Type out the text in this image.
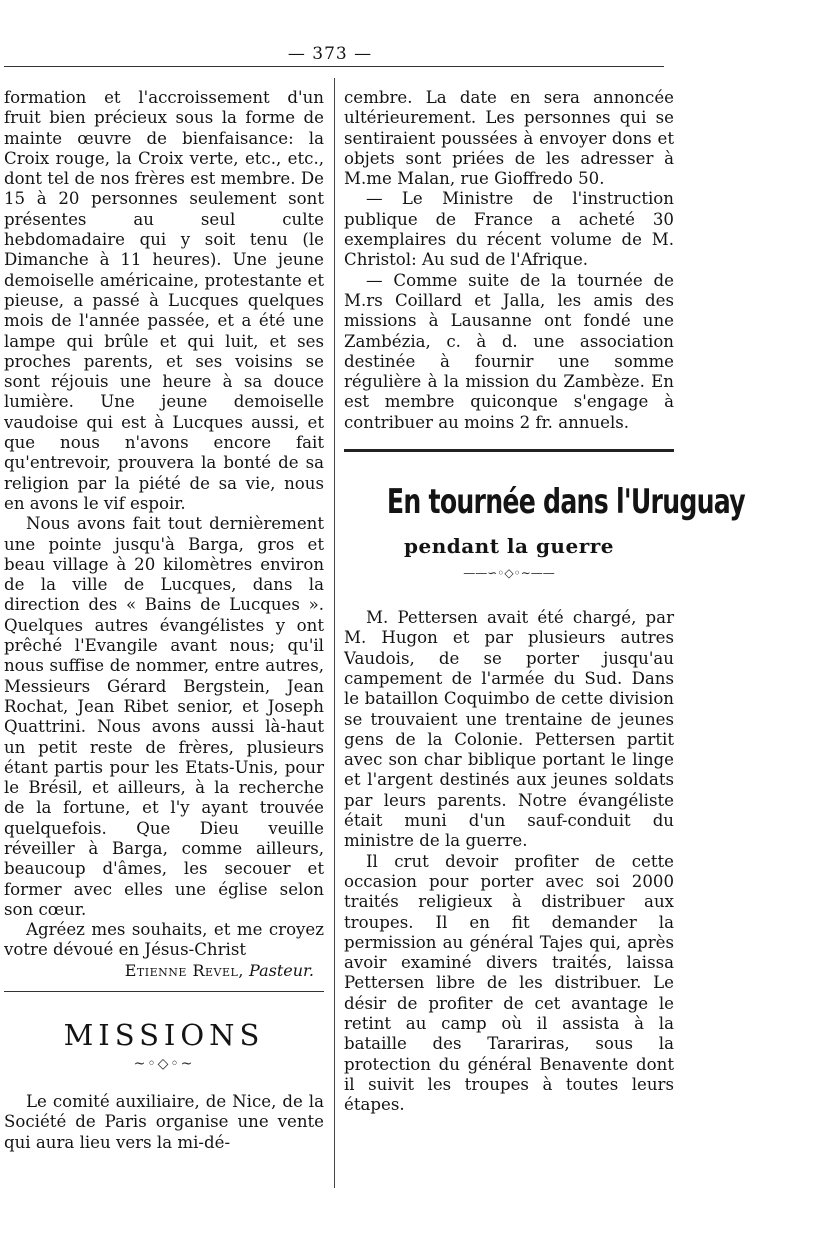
— 373 —

formation et l'accroissement d'un fruit bien précieux sous la forme de mainte œuvre de bienfaisance: la Croix rouge, la Croix verte, etc., etc., dont tel de nos frères est membre. De 15 à 20 personnes seulement sont présentes au seul culte hebdomadaire qui y soit tenu (le Dimanche à 11 heures). Une jeune demoiselle américaine, protestante et pieuse, a passé à Lucques quelques mois de l'année passée, et a été une lampe qui brûle et qui luit, et ses proches parents, et ses voisins se sont réjouis une heure à sa douce lumière. Une jeune demoiselle vaudoise qui est à Lucques aussi, et que nous n'avons encore fait qu'entrevoir, prouvera la bonté de sa religion par la piété de sa vie, nous en avons le vif espoir.

Nous avons fait tout dernièrement une pointe jusqu'à Barga, gros et beau village à 20 kilomètres environ de la ville de Lucques, dans la direction des « Bains de Lucques ». Quelques autres évangélistes y ont prêché l'Evangile avant nous; qu'il nous suffise de nommer, entre autres, Messieurs Gérard Bergstein, Jean Rochat, Jean Ribet senior, et Joseph Quattrini. Nous avons aussi là-haut un petit reste de frères, plusieurs étant partis pour les Etats-Unis, pour le Brésil, et ailleurs, à la recherche de la fortune, et l'y ayant trouvée quelquefois. Que Dieu veuille réveiller à Barga, comme ailleurs, beaucoup d'âmes, les secouer et former avec elles une église selon son cœur.

Agréez mes souhaits, et me croyez votre dévoué en Jésus-Christ

Etienne Revel, Pasteur.
MISSIONS
~◦◇◦~

Le comité auxiliaire, de Nice, de la Société de Paris organise une vente qui aura lieu vers la mi-dé-

cembre. La date en sera annoncée ultérieurement. Les personnes qui se sentiraient poussées à envoyer dons et objets sont priées de les adresser à M.me Malan, rue Gioffredo 50.

— Le Ministre de l'instruction publique de France a acheté 30 exemplaires du récent volume de M. Christol: Au sud de l'Afrique.

— Comme suite de la tournée de M.rs Coillard et Jalla, les amis des missions à Lausanne ont fondé une Zambézia, c. à d. une association destinée à fournir une somme régulière à la mission du Zambèze. En est membre quiconque s'engage à contribuer au moins 2 fr. annuels.

En tournée dans l'Uruguay
pendant la guerre
——∽◦◇◦∼——

M. Pettersen avait été chargé, par M. Hugon et par plusieurs autres Vaudois, de se porter jusqu'au campement de l'armée du Sud. Dans le bataillon Coquimbo de cette division se trouvaient une trentaine de jeunes gens de la Colonie. Pettersen partit avec son char biblique portant le linge et l'argent destinés aux jeunes soldats par leurs parents. Notre évangéliste était muni d'un sauf-conduit du ministre de la guerre.

Il crut devoir profiter de cette occasion pour porter avec soi 2000 traités religieux à distribuer aux troupes. Il en fit demander la permission au général Tajes qui, après avoir examiné divers traités, laissa Pettersen libre de les distribuer. Le désir de profiter de cet avantage le retint au camp où il assista à la bataille des Tarariras, sous la protection du général Benavente dont il suivit les troupes à toutes leurs étapes.
